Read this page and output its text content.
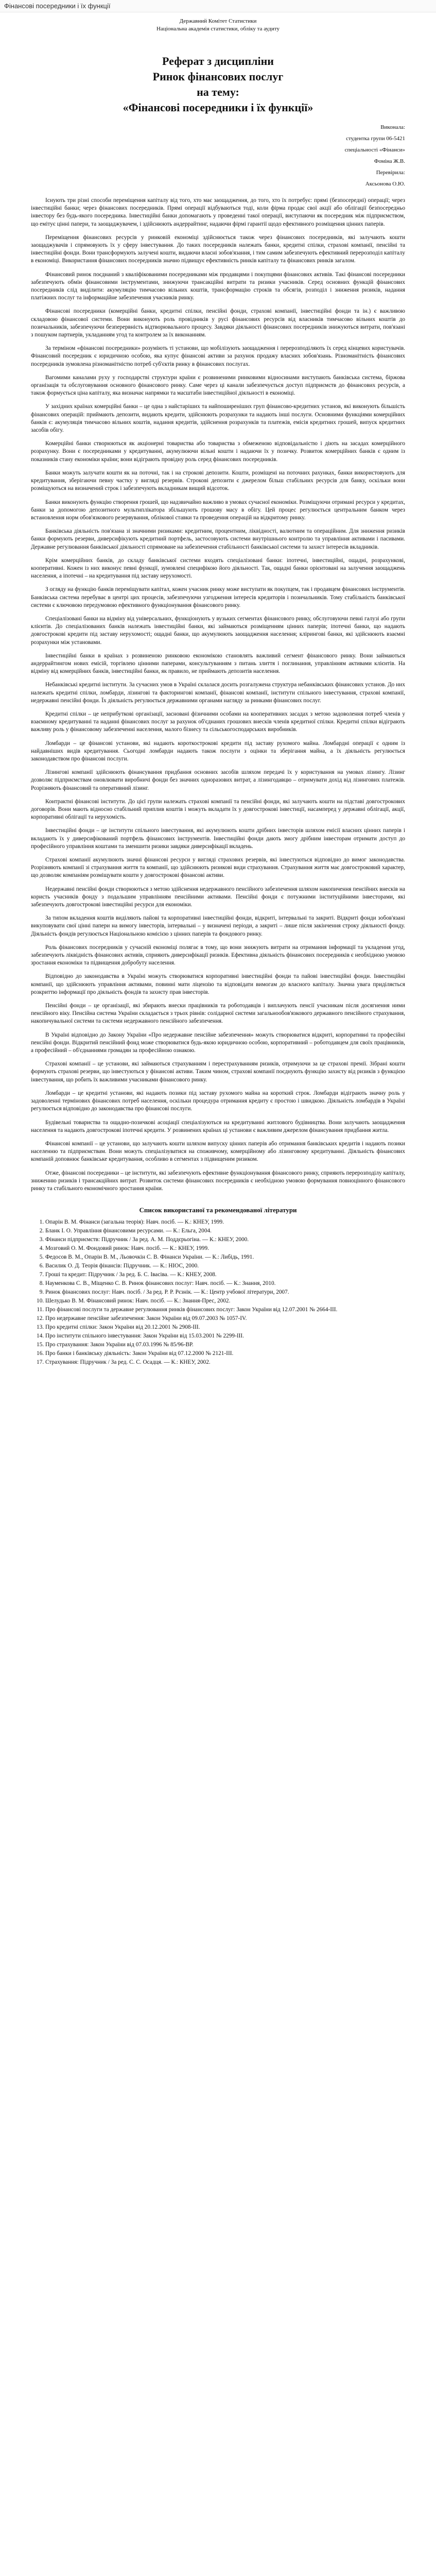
Фінансові посередники і їх функції
Державний Комітет Статистики
Національна академія статистики, обліку та аудиту
Реферат з дисципліни
Ринок фінансових послуг
на тему:
«Фінансові посередники і їх функції»
Виконала:
студентка групи 06-5421
спеціальності «Фінанси»
Фоміна Ж.В.
Перевірила:
Аксьонова О.Ю.

Існують три різні способи переміщення капіталу від того, хто має заощадження, до того, хто їх потребує: прямі (безпосередні) операції; через інвестиційні банки; через фінансових посередників. Прямі операції відбуваються тоді, коли фірма продає свої акції або облігації безпосередньо інвестору без будь-якого посередника. Інвестиційні банки допомагають у проведенні такої операції, виступаючи як посередник між підприємством, що емітує цінні папери, та заощаджувачем, і здійснюють андеррайтинг, надаючи фірмі гарантії щодо ефективного розміщення цінних паперів.

Переміщення фінансових ресурсів у ринковій економіці здійснюється також через фінансових посередників, які залучають кошти заощаджувачів і спрямовують їх у сферу інвестування. До таких посередників належать банки, кредитні спілки, страхові компанії, пенсійні та інвестиційні фонди. Вони трансформують залучені кошти, видаючи власні зобов'язання, і тим самим забезпечують ефективний перерозподіл капіталу в економіці. Використання фінансових посередників значно підвищує ефективність ринків капіталу та фінансових ринків загалом.

Фінансовий ринок поєднаний з кваліфікованими посередниками між продавцями і покупцями фінансових активів. Такі фінансові посередники забезпечують обмін фінансовими інструментами, знижуючи трансакційні витрати та ризики учасників. Серед основних функцій фінансових посередників слід виділити: акумуляцію тимчасово вільних коштів, трансформацію строків та обсягів, розподіл і зниження ризиків, надання платіжних послуг та інформаційне забезпечення учасників ринку.

Фінансові посередники (комерційні банки, кредитні спілки, пенсійні фонди, страхові компанії, інвестиційні фонди та ін.) є важливою складовою фінансової системи. Вони виконують роль провідників у русі фінансових ресурсів від власників тимчасово вільних коштів до позичальників, забезпечуючи безперервність відтворювального процесу. Завдяки діяльності фінансових посередників знижуються витрати, пов'язані з пошуком партнерів, укладанням угод та контролем за їх виконанням.

За терміном «фінансові посередники» розуміють ті установи, що мобілізують заощадження і перерозподіляють їх серед кінцевих користувачів. Фінансовий посередник є юридичною особою, яка купує фінансові активи за рахунок продажу власних зобов'язань. Різноманітність фінансових посередників зумовлена різноманітністю потреб суб'єктів ринку в фінансових послугах.

Вагомими каналами руху у господарстві структури країни є розвиненими ринковими відносинами виступають банківська система, біржова організація та обслуговування основного фінансового ринку. Саме через ці канали забезпечується доступ підприємств до фінансових ресурсів, а також формується ціна капіталу, яка визначає напрямки та масштаби інвестиційної діяльності в економіці.

У західних країнах комерційні банки – це одна з найстаріших та найпоширеніших груп фінансово-кредитних установ, які виконують більшість фінансових операцій: приймають депозити, видають кредити, здійснюють розрахунки та надають інші послуги. Основними функціями комерційних банків є: акумуляція тимчасово вільних коштів, надання кредитів, здійснення розрахунків та платежів, емісія кредитних грошей, випуск кредитних засобів обігу.

Комерційні банки створюються як акціонерні товариства або товариства з обмеженою відповідальністю і діють на засадах комерційного розрахунку. Вони є посередниками у кредитуванні, акумулюючи вільні кошти і надаючи їх у позичку. Розвиток комерційних банків є одним із показників стану економіки країни; вони відіграють провідну роль серед фінансових посередників.

Банки можуть залучати кошти як на поточні, так і на строкові депозити. Кошти, розміщені на поточних рахунках, банки використовують для кредитування, зберігаючи певну частку у вигляді резервів. Строкові депозити є джерелом більш стабільних ресурсів для банку, оскільки вони розміщуються на визначений строк і забезпечують вкладникам вищий відсоток.

Банки виконують функцію створення грошей, що надзвичайно важливо в умовах сучасної економіки. Розміщуючи отримані ресурси у кредитах, банки за допомогою депозитного мультиплікатора збільшують грошову масу в обігу. Цей процес регулюється центральним банком через встановлення норм обов'язкового резервування, облікової ставки та проведення операцій на відкритому ринку.

Банківська діяльність пов'язана зі значними ризиками: кредитним, процентним, ліквідності, валютним та операційним. Для зниження ризиків банки формують резерви, диверсифікують кредитний портфель, застосовують системи внутрішнього контролю та управління активами і пасивами. Державне регулювання банківської діяльності спрямоване на забезпечення стабільності банківської системи та захист інтересів вкладників.

Крім комерційних банків, до складу банківської системи входять спеціалізовані банки: іпотечні, інвестиційні, ощадні, розрахункові, кооперативні. Кожен із них виконує певні функції, зумовлені специфікою його діяльності. Так, ощадні банки орієнтовані на залучення заощаджень населення, а іпотечні – на кредитування під заставу нерухомості.

З огляду на функцію банків переміщувати капітал, кожен учасник ринку може виступати як покупцем, так і продавцем фінансових інструментів. Банківська система перебуває в центрі цих процесів, забезпечуючи узгодження інтересів кредиторів і позичальників. Тому стабільність банківської системи є ключовою передумовою ефективного функціонування фінансового ринку.

Спеціалізовані банки на відміну від універсальних, функціонують у вузьких сегментах фінансового ринку, обслуговуючи певні галузі або групи клієнтів. До спеціалізованих банків належать інвестиційні банки, які займаються розміщенням цінних паперів; іпотечні банки, що надають довгострокові кредити під заставу нерухомості; ощадні банки, що акумулюють заощадження населення; кліринговi банки, які здійснюють взаємні розрахунки між установами.

Інвестиційні банки в країнах з розвиненою ринковою економікою становлять важливий сегмент фінансового ринку. Вони займаються андеррайтингом нових емісій, торгівлею цінними паперами, консультуванням з питань злиття і поглинання, управлінням активами клієнтів. На відміну від комерційних банків, інвестиційні банки, як правило, не приймають депозитів населення.

Небанківські кредитні інститути. За сучасних умов в Україні склалася досить розгалужена структура небанківських фінансових установ. До них належать кредитні спілки, ломбарди, лізингові та факторингові компанії, фінансові компанії, інститути спільного інвестування, страхові компанії, недержавні пенсійні фонди. Їх діяльність регулюється державними органами нагляду за ринками фінансових послуг.

Кредитні спілки – це неприбуткові організації, засновані фізичними особами на кооперативних засадах з метою задоволення потреб членів у взаємному кредитуванні та наданні фінансових послуг за рахунок об'єднаних грошових внесків членів кредитної спілки. Кредитні спілки відіграють важливу роль у фінансовому забезпеченні населення, малого бізнесу та сільськогосподарських виробників.

Ломбарди – це фінансові установи, які надають короткострокові кредити під заставу рухомого майна. Ломбардні операції є одним із найдавніших видів кредитування. Сьогодні ломбарди надають також послуги з оцінки та зберігання майна, а їх діяльність регулюється законодавством про фінансові послуги.

Лізингові компанії здійснюють фінансування придбання основних засобів шляхом передачі їх у користування на умовах лізингу. Лізинг дозволяє підприємствам оновлювати виробничі фонди без значних одноразових витрат, а лізингодавцю – отримувати дохід від лізингових платежів. Розрізняють фінансовий та оперативний лізинг.

Контрактні фінансові інститути. До цієї групи належать страхові компанії та пенсійні фонди, які залучають кошти на підставі довгострокових договорів. Вони мають відносно стабільний приплив коштів і можуть вкладати їх у довгострокові інвестиції, насамперед у державні облігації, акції, корпоративні облігації та нерухомість.

Інвестиційні фонди – це інститути спільного інвестування, які акумулюють кошти дрібних інвесторів шляхом емісії власних цінних паперів і вкладають їх у диверсифікований портфель фінансових інструментів. Інвестиційні фонди дають змогу дрібним інвесторам отримати доступ до професійного управління коштами та зменшити ризики завдяки диверсифікації вкладень.

Страхові компанії акумулюють значні фінансові ресурси у вигляді страхових резервів, які інвестуються відповідно до вимог законодавства. Розрізняють компанії зі страхування життя та компанії, що здійснюють ризикові види страхування. Страхування життя має довгостроковий характер, що дозволяє компаніям розміщувати кошти у довгострокові фінансові активи.

Недержавні пенсійні фонди створюються з метою здійснення недержавного пенсійного забезпечення шляхом накопичення пенсійних внесків на користь учасників фонду з подальшим управлінням пенсійними активами. Пенсійні фонди є потужними інституційними інвесторами, які забезпечують довгострокові інвестиційні ресурси для економіки.

За типом вкладення коштів виділяють пайові та корпоративні інвестиційні фонди, відкриті, інтервальні та закриті. Відкриті фонди зобов'язані викуповувати свої цінні папери на вимогу інвесторів, інтервальні – у визначені періоди, а закриті – лише після закінчення строку діяльності фонду. Діяльність фондів регулюється Національною комісією з цінних паперів та фондового ринку.

Роль фінансових посередників у сучасній економіці полягає в тому, що вони знижують витрати на отримання інформації та укладення угод, забезпечують ліквідність фінансових активів, сприяють диверсифікації ризиків. Ефективна діяльність фінансових посередників є необхідною умовою зростання економіки та підвищення добробуту населення.

Відповідно до законодавства в Україні можуть створюватися корпоративні інвестиційні фонди та пайові інвестиційні фонди. Інвестиційні компанії, що здійснюють управління активами, повинні мати ліцензію та відповідати вимогам до власного капіталу. Значна увага приділяється розкриттю інформації про діяльність фондів та захисту прав інвесторів.

Пенсійні фонди – це організації, які збирають внески працівників та роботодавців і виплачують пенсії учасникам після досягнення ними пенсійного віку. Пенсійна система України складається з трьох рівнів: солідарної системи загальнообов'язкового державного пенсійного страхування, накопичувальної системи та системи недержавного пенсійного забезпечення.

В Україні відповідно до Закону України «Про недержавне пенсійне забезпечення» можуть створюватися відкриті, корпоративні та професійні пенсійні фонди. Відкритий пенсійний фонд може створюватися будь-якою юридичною особою, корпоративний – роботодавцем для своїх працівників, а професійний – об'єднаннями громадян за професійною ознакою.

Страхові компанії – це установи, які займаються страхуванням і перестрахуванням ризиків, отримуючи за це страхові премії. Зібрані кошти формують страхові резерви, що інвестуються у фінансові активи. Таким чином, страхові компанії поєднують функцію захисту від ризиків з функцією інвестування, що робить їх важливими учасниками фінансового ринку.

Ломбарди – це кредитні установи, які надають позики під заставу рухомого майна на короткий строк. Ломбарди відіграють значну роль у задоволенні термінових фінансових потреб населення, оскільки процедура отримання кредиту є простою і швидкою. Діяльність ломбардів в Україні регулюється відповідно до законодавства про фінансові послуги.

Будівельні товариства та ощадно-позичкові асоціації спеціалізуються на кредитуванні житлового будівництва. Вони залучають заощадження населення та надають довгострокові іпотечні кредити. У розвинених країнах ці установи є важливим джерелом фінансування придбання житла.

Фінансові компанії – це установи, що залучають кошти шляхом випуску цінних паперів або отримання банківських кредитів і надають позики населенню та підприємствам. Вони можуть спеціалізуватися на споживчому, комерційному або лізинговому кредитуванні. Діяльність фінансових компаній доповнює банківське кредитування, особливо в сегментах з підвищеним ризиком.

Отже, фінансові посередники – це інститути, які забезпечують ефективне функціонування фінансового ринку, сприяють перерозподілу капіталу, зниженню ризиків і трансакційних витрат. Розвиток системи фінансових посередників є необхідною умовою формування повноцінного фінансового ринку та стабільного економічного зростання країни.

Список використаної та рекомендованої літератури
1. Опарін В. М. Фінанси (загальна теорія): Навч. посіб. — К.: КНЕУ, 1999.
2. Бланк І. О. Управління фінансовими ресурсами. — К.: Ельга, 2004.
3. Фінанси підприємств: Підручник / За ред. А. М. Поддєрьогіна. — К.: КНЕУ, 2000.
4. Мозговий О. М. Фондовий ринок: Навч. посіб. — К.: КНЕУ, 1999.
5. Федосов В. М., Опарін В. М., Льовочкін С. В. Фінанси України. — К.: Либідь, 1991.
6. Василик О. Д. Теорія фінансів: Підручник. — К.: НІОС, 2000.
7. Гроші та кредит: Підручник / За ред. Б. С. Івасіва. — К.: КНЕУ, 2008.
8. Науменкова С. В., Міщенко С. В. Ринок фінансових послуг: Навч. посіб. — К.: Знання, 2010.
9. Ринок фінансових послуг: Навч. посіб. / За ред. Р. Р. Рєзнік. — К.: Центр учбової літератури, 2007.
10. Шелудько В. М. Фінансовий ринок: Навч. посіб. — К.: Знання-Прес, 2002.
11. Про фінансові послуги та державне регулювання ринків фінансових послуг: Закон України від 12.07.2001 № 2664-III.
12. Про недержавне пенсійне забезпечення: Закон України від 09.07.2003 № 1057-IV.
13. Про кредитні спілки: Закон України від 20.12.2001 № 2908-III.
14. Про інститути спільного інвестування: Закон України від 15.03.2001 № 2299-III.
15. Про страхування: Закон України від 07.03.1996 № 85/96-ВР.
16. Про банки і банківську діяльність: Закон України від 07.12.2000 № 2121-III.
17. Страхування: Підручник / За ред. С. С. Осадця. — К.: КНЕУ, 2002.
